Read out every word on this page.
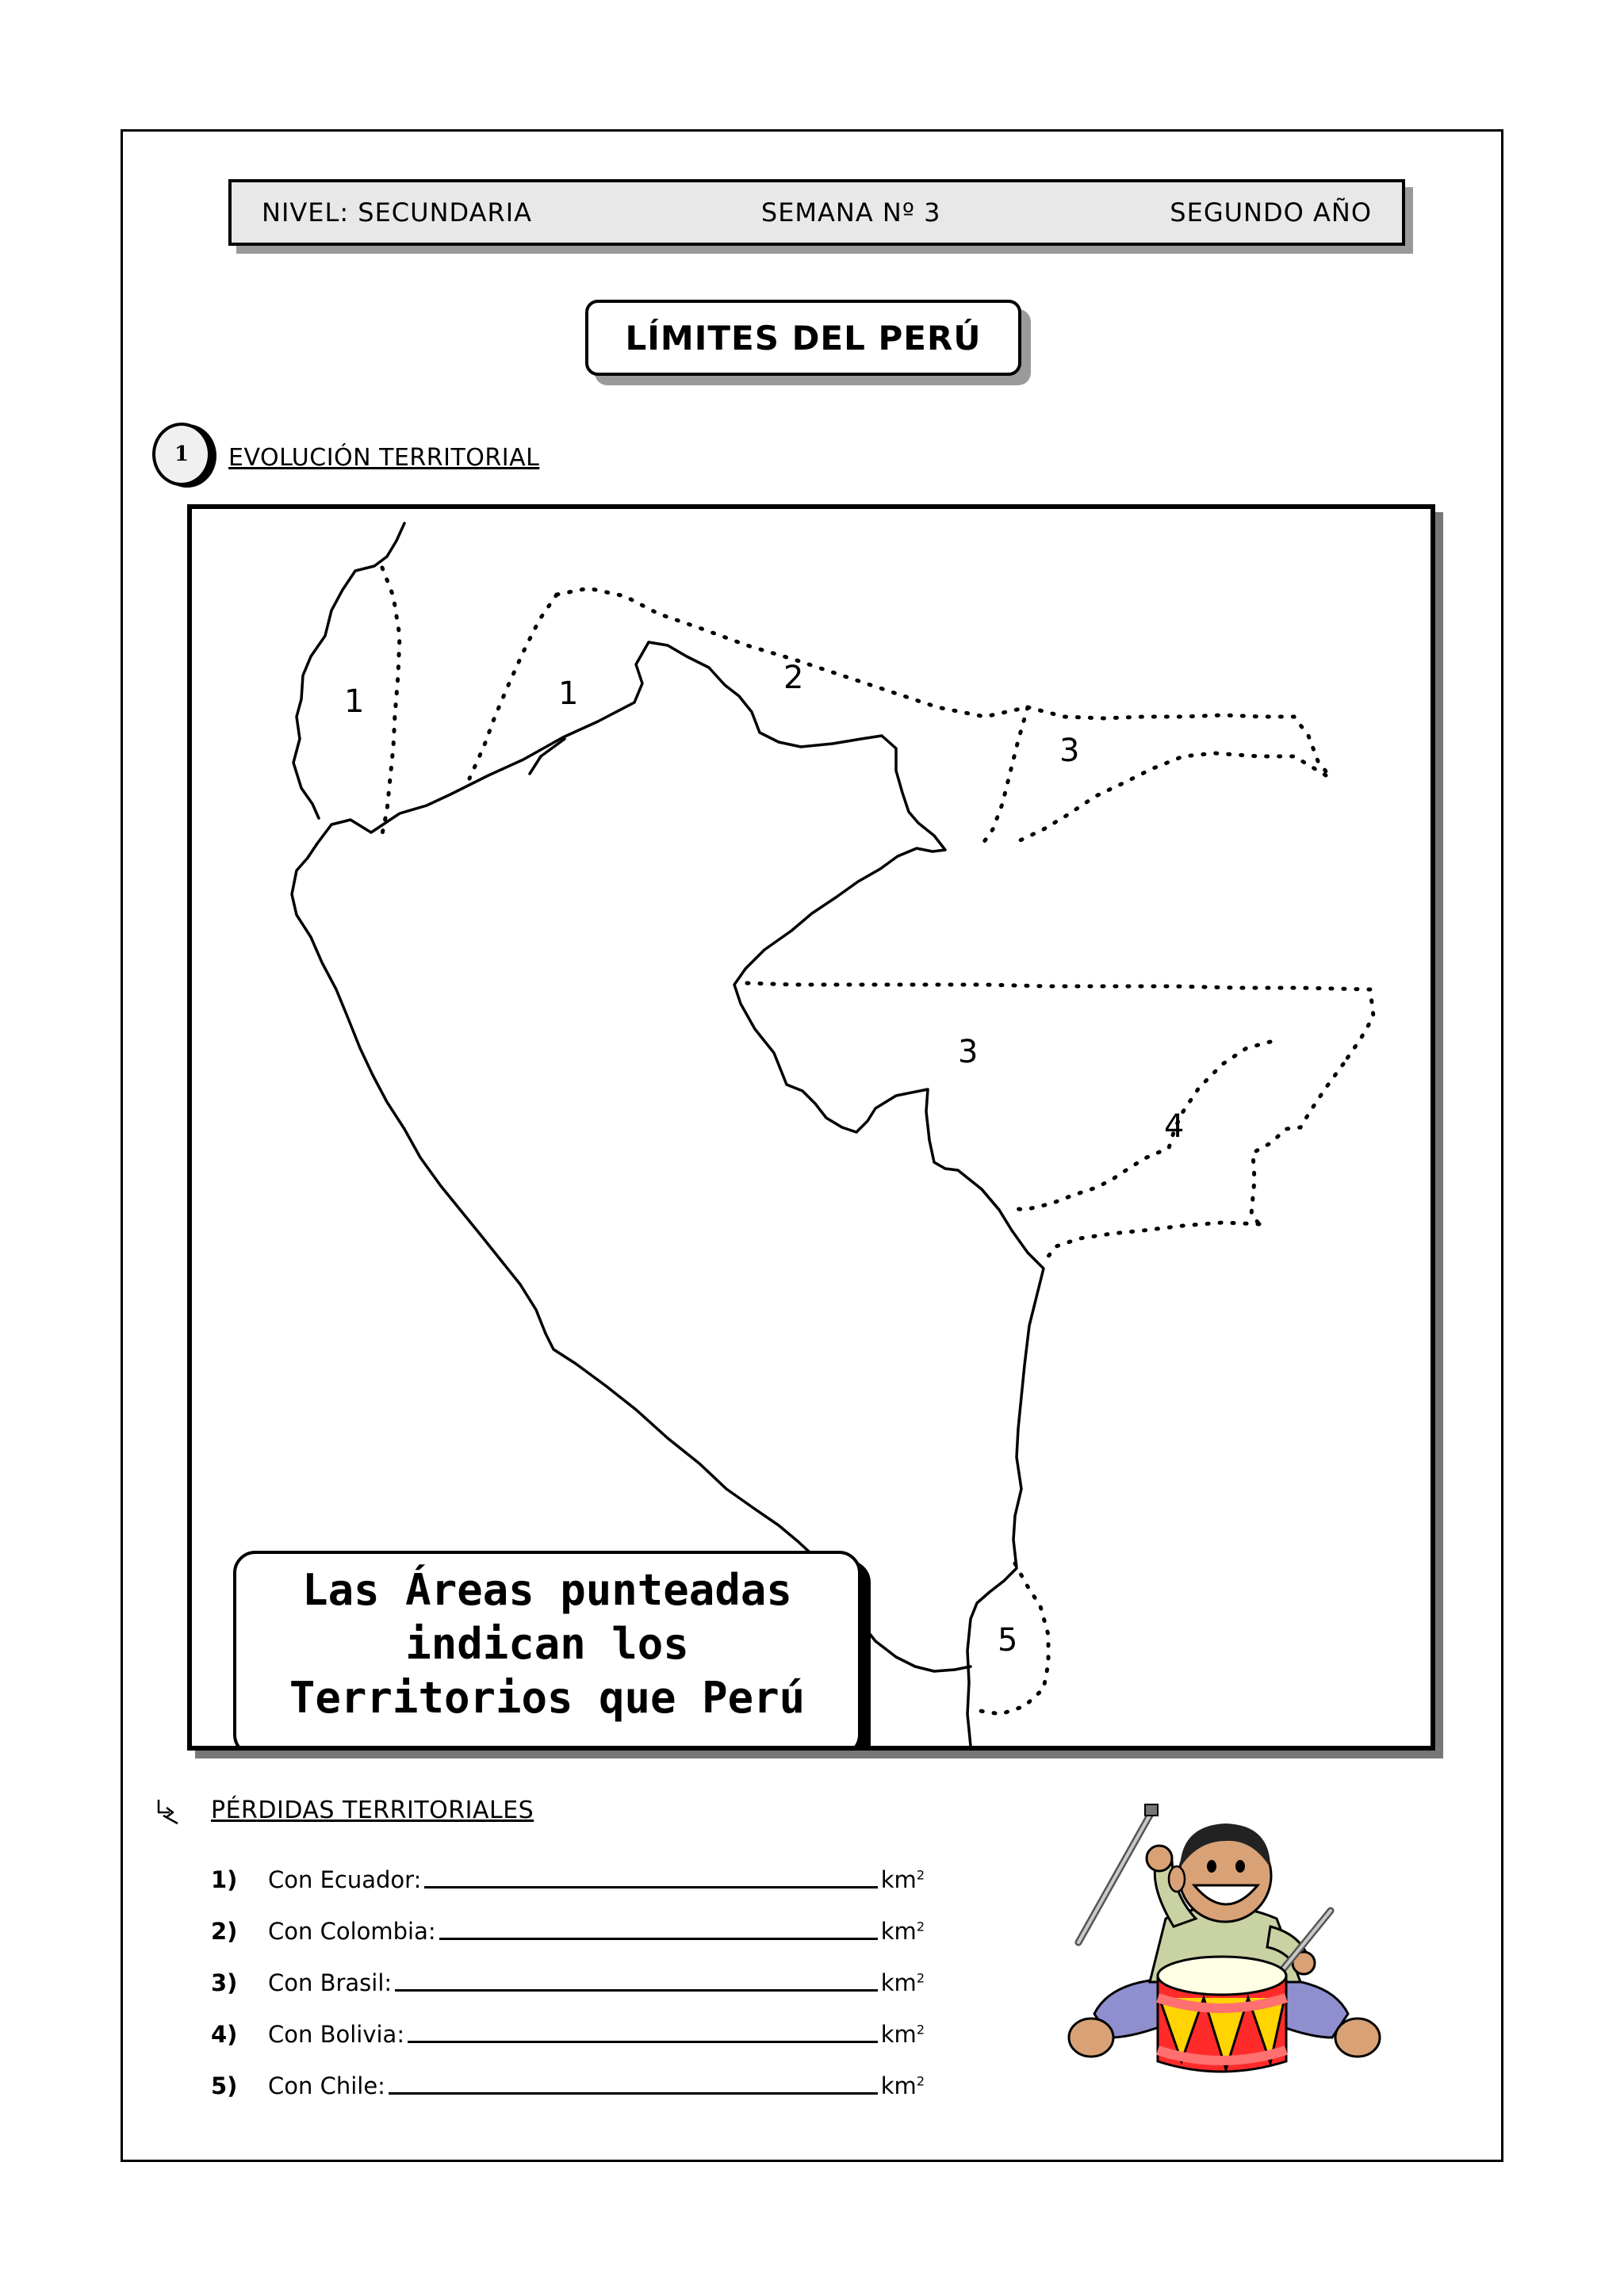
NIVEL: SECUNDARIA	SEMANA Nº 3	SEGUNDO AÑO
LÍMITES DEL PERÚ
1	EVOLUCIÓN TERRITORIAL
1	1	2
3
3
4
5
Las Áreas punteadas
indican los
Territorios que Perú
PÉRDIDAS TERRITORIALES
1)	Con Ecuador:	$km^2$
2)	Con Colombia:	$km^2$
3)	Con Brasil:	$km^2$
4)	Con Bolivia:	$km^2$
5)	Con Chile:	$km^2$
